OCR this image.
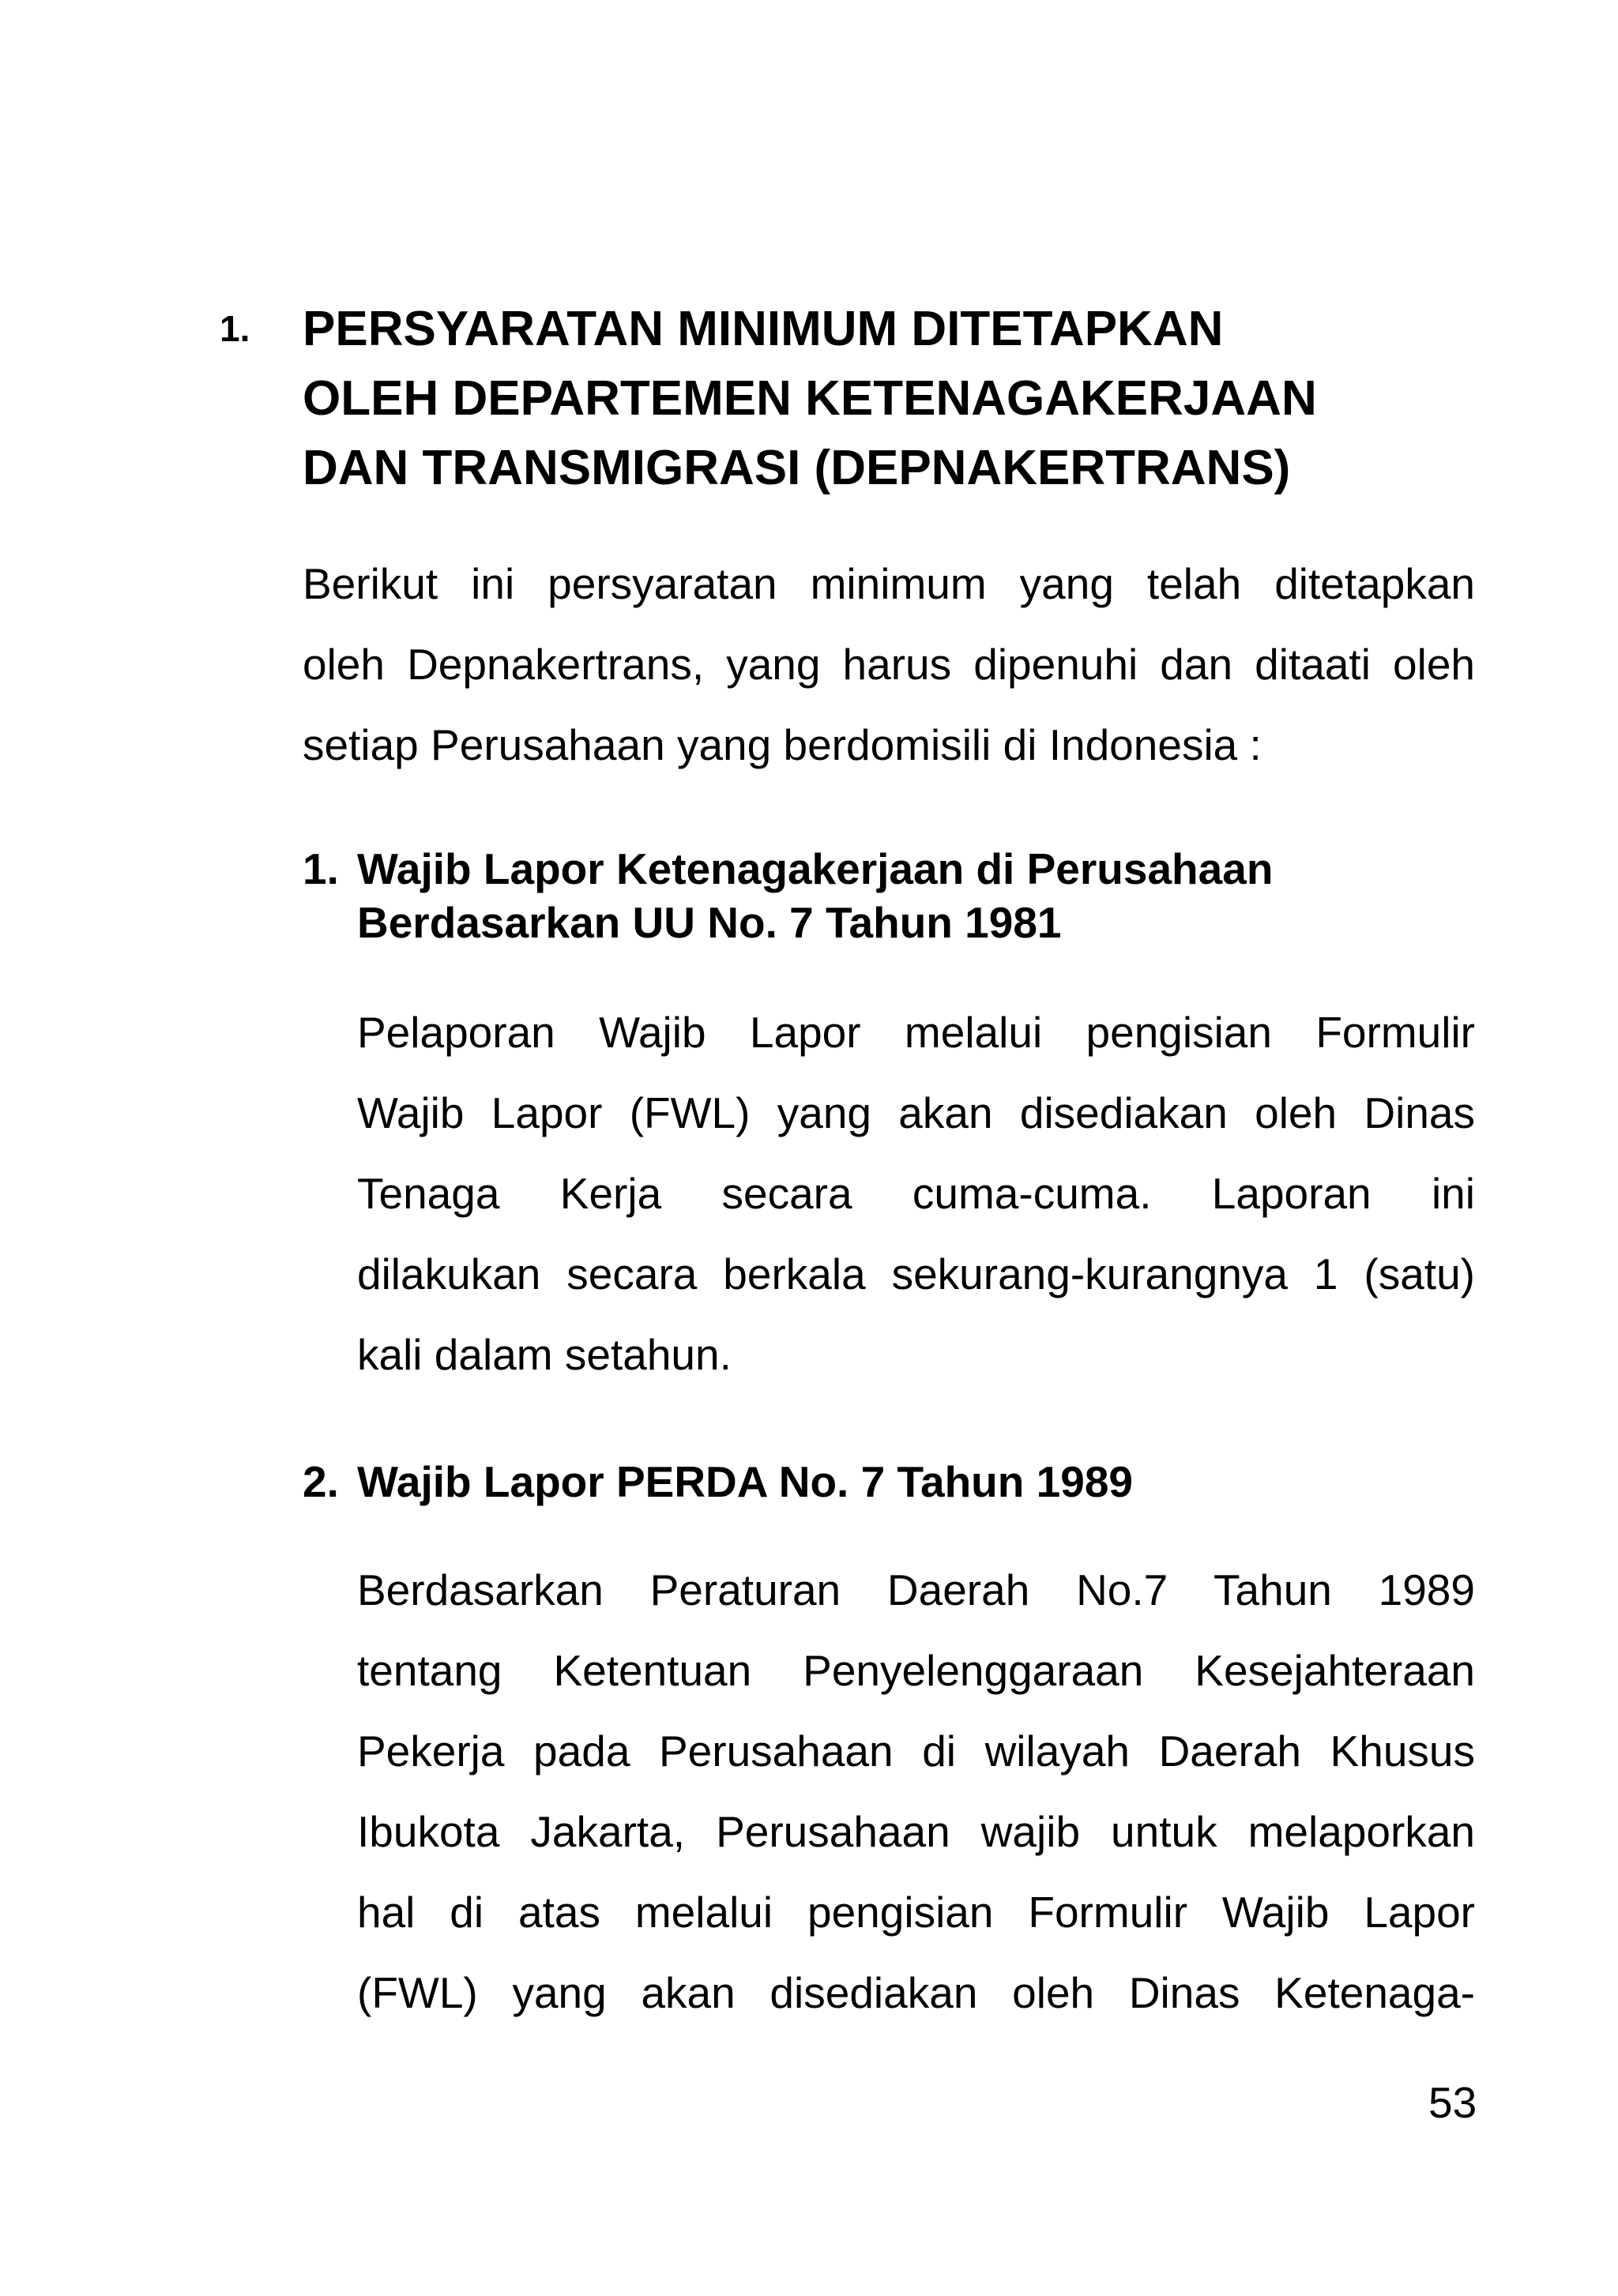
1. PERSYARATAN MINIMUM DITETAPKAN
OLEH DEPARTEMEN KETENAGAKERJAAN
DAN TRANSMIGRASI (DEPNAKERTRANS)
Berikut ini persyaratan minimum yang telah ditetapkan
oleh Depnakertrans, yang harus dipenuhi dan ditaati oleh
setiap Perusahaan yang berdomisili di Indonesia :
1. Wajib Lapor Ketenagakerjaan di Perusahaan
Berdasarkan UU No. 7 Tahun 1981
Pelaporan Wajib Lapor melalui pengisian Formulir
Wajib Lapor (FWL) yang akan disediakan oleh Dinas
Tenaga Kerja secara cuma-cuma. Laporan ini
dilakukan secara berkala sekurang-kurangnya 1 (satu)
kali dalam setahun.
2. Wajib Lapor PERDA No. 7 Tahun 1989
Berdasarkan Peraturan Daerah No.7 Tahun 1989
tentang Ketentuan Penyelenggaraan Kesejahteraan
Pekerja pada Perusahaan di wilayah Daerah Khusus
Ibukota Jakarta, Perusahaan wajib untuk melaporkan
hal di atas melalui pengisian Formulir Wajib Lapor
(FWL) yang akan disediakan oleh Dinas Ketenaga-
53
